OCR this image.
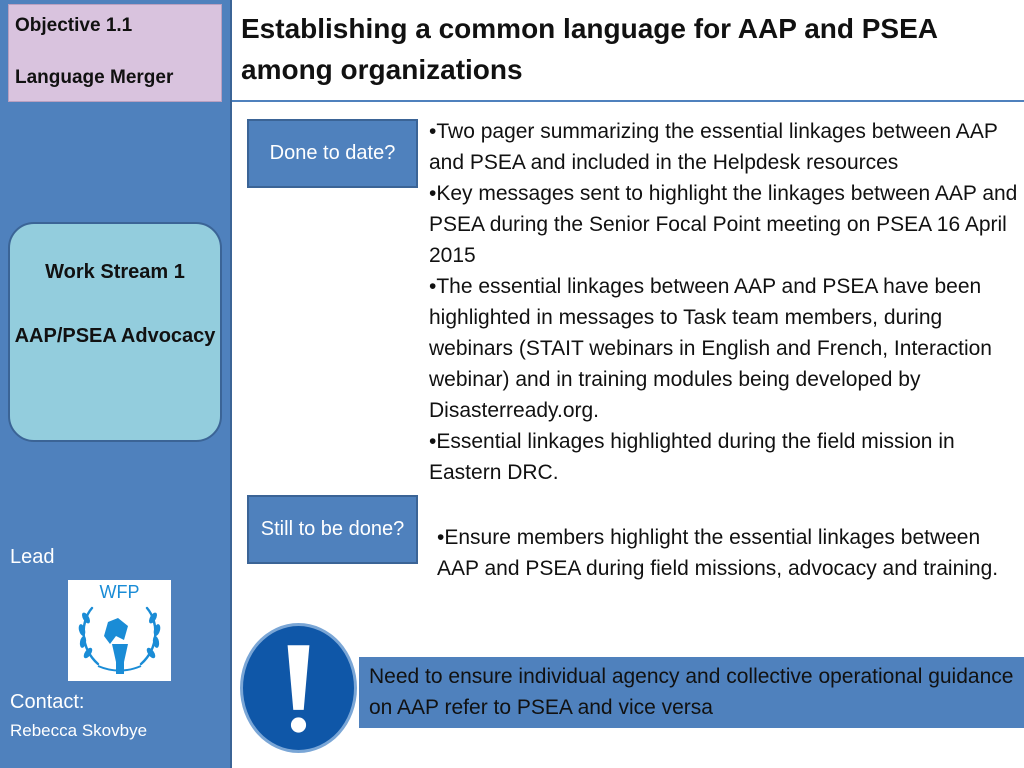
Objective 1.1
Language Merger
Work Stream 1
AAP/PSEA Advocacy
Lead
WFP
Contact:
Rebecca Skovbye
Establishing a common language for AAP and PSEA among organizations
Done to date?
• Two pager summarizing the essential linkages between AAP and PSEA and included in the Helpdesk resources
• Key messages sent to highlight the linkages between AAP and PSEA during the Senior Focal Point meeting on PSEA 16 April 2015
• The essential linkages between AAP and PSEA have been highlighted in messages to Task team members, during webinars (STAIT webinars in English and French, Interaction webinar) and in training modules being developed by Disasterready.org.
• Essential linkages highlighted during the field mission in Eastern DRC.
Still to be done?
•	Ensure members highlight the essential linkages between AAP and PSEA during field missions, advocacy and training.
Need to ensure individual agency and collective operational guidance on AAP refer to PSEA and vice versa
